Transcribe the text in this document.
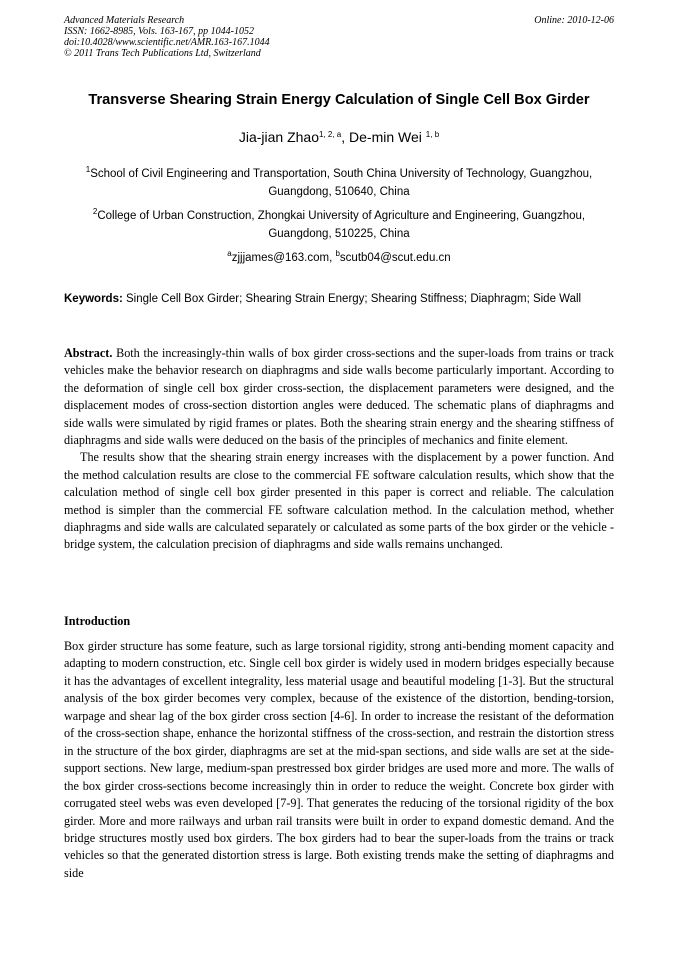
Advanced Materials Research
ISSN: 1662-8985, Vols. 163-167, pp 1044-1052
doi:10.4028/www.scientific.net/AMR.163-167.1044
© 2011 Trans Tech Publications Ltd, Switzerland
Online: 2010-12-06
Transverse Shearing Strain Energy Calculation of Single Cell Box Girder
Jia-jian Zhao$^{1, 2, a}$, De-min Wei $^{1, b}$
$^1$School of Civil Engineering and Transportation, South China University of Technology, Guangzhou, Guangdong, 510640, China
$^2$College of Urban Construction, Zhongkai University of Agriculture and Engineering, Guangzhou, Guangdong, 510225, China
$^a$zjjjames@163.com, $^b$scutb04@scut.edu.cn
Keywords: Single Cell Box Girder; Shearing Strain Energy; Shearing Stiffness; Diaphragm; Side Wall

Abstract. Both the increasingly-thin walls of box girder cross-sections and the super-loads from trains or track vehicles make the behavior research on diaphragms and side walls become particularly important. According to the deformation of single cell box girder cross-section, the displacement parameters were designed, and the displacement modes of cross-section distortion angles were deduced. The schematic plans of diaphragms and side walls were simulated by rigid frames or plates. Both the shearing strain energy and the shearing stiffness of diaphragms and side walls were deduced on the basis of the principles of mechanics and finite element.

The results show that the shearing strain energy increases with the displacement by a power function. And the method calculation results are close to the commercial FE software calculation results, which show that the calculation method of single cell box girder presented in this paper is correct and reliable. The calculation method is simpler than the commercial FE software calculation method. In the calculation method, whether diaphragms and side walls are calculated separately or calculated as some parts of the box girder or the vehicle - bridge system, the calculation precision of diaphragms and side walls remains unchanged.

Introduction

Box girder structure has some feature, such as large torsional rigidity, strong anti-bending moment capacity and adapting to modern construction, etc. Single cell box girder is widely used in modern bridges especially because it has the advantages of excellent integrality, less material usage and beautiful modeling [1-3]. But the structural analysis of the box girder becomes very complex, because of the existence of the distortion, bending-torsion, warpage and shear lag of the box girder cross section [4-6]. In order to increase the resistant of the deformation of the cross-section shape, enhance the horizontal stiffness of the cross-section, and restrain the distortion stress in the structure of the box girder, diaphragms are set at the mid-span sections, and side walls are set at the side-support sections. New large, medium-span prestressed box girder bridges are used more and more. The walls of the box girder cross-sections become increasingly thin in order to reduce the weight. Concrete box girder with corrugated steel webs was even developed [7-9]. That generates the reducing of the torsional rigidity of the box girder. More and more railways and urban rail transits were built in order to expand domestic demand. And the bridge structures mostly used box girders. The box girders had to bear the super-loads from the trains or track vehicles so that the generated distortion stress is large. Both existing trends make the setting of diaphragms and side
